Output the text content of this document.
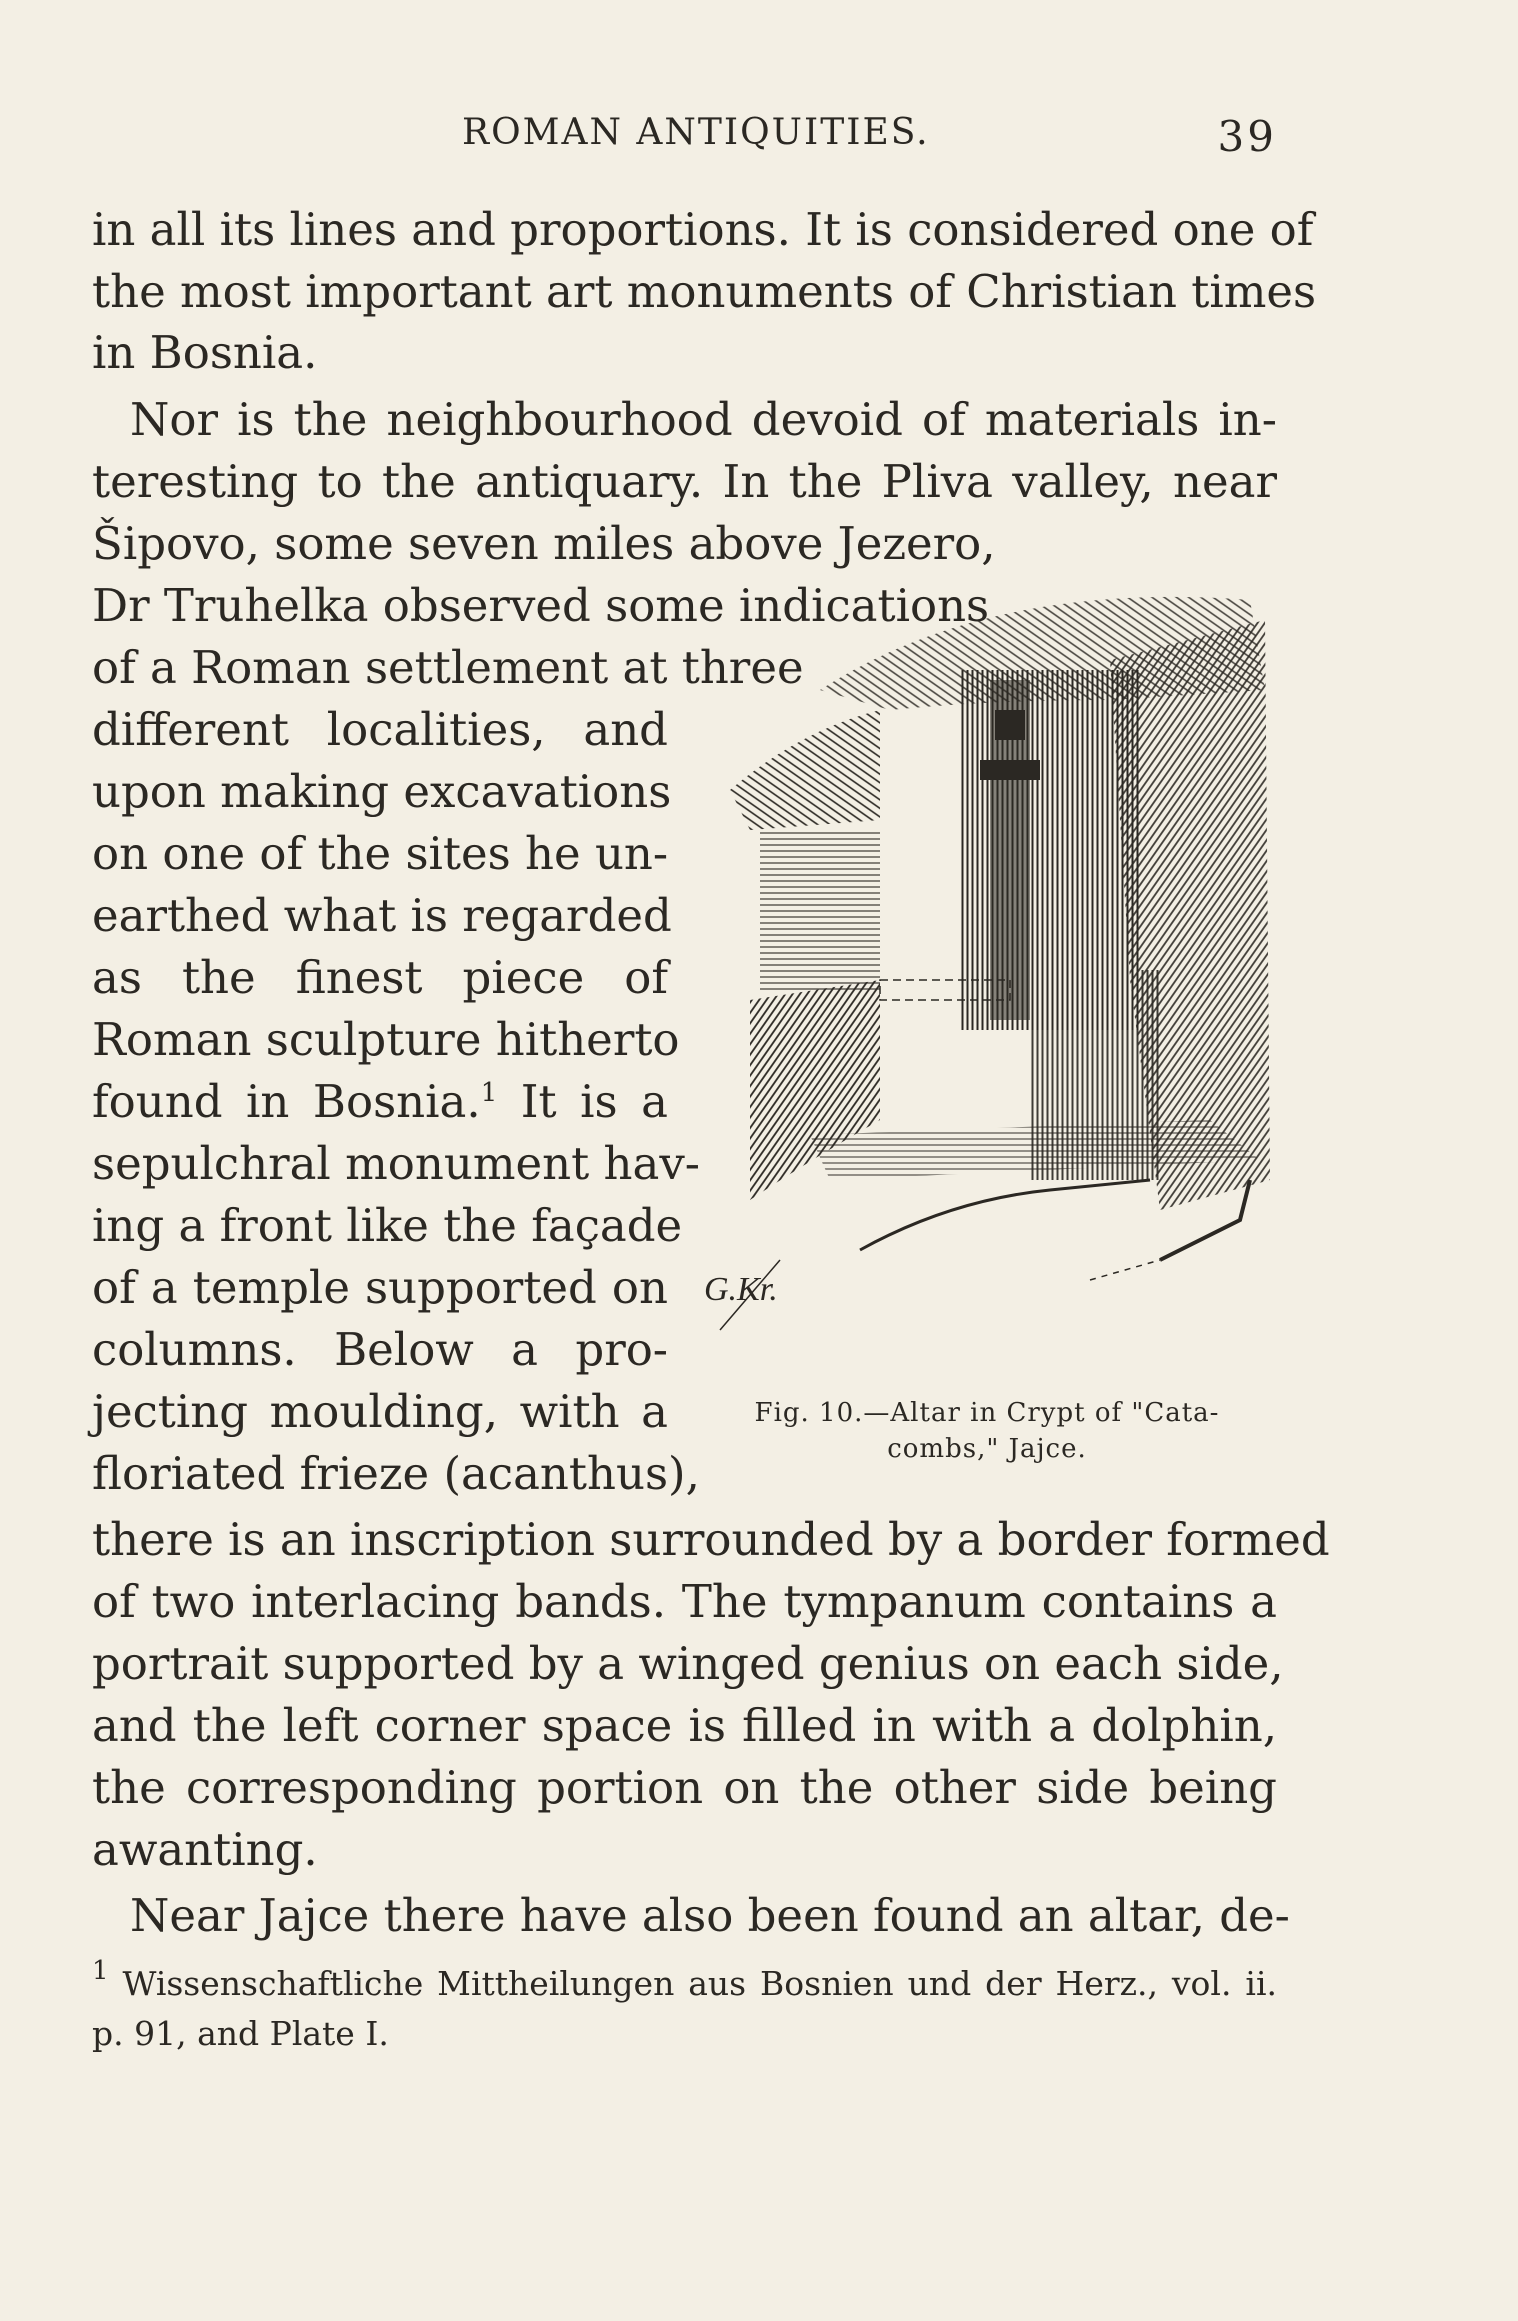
ROMAN ANTIQUITIES.	39
in all its lines and proportions. It is considered one of
the most important art monuments of Christian times
in Bosnia.
Nor is the neighbourhood devoid of materials in-
teresting to the antiquary. In the Pliva valley, near
Šipovo, some seven miles above Jezero,
Dr Truhelka observed some indications
of a Roman settlement at three
different localities, and
upon making excavations
on one of the sites he un-
earthed what is regarded
as the finest piece of
Roman sculpture hitherto
found in Bosnia.$^1$ It is a
sepulchral monument hav-
ing a front like the façade
of a temple supported on
columns. Below a pro-
jecting moulding, with a
floriated frieze (acanthus),
there is an inscription surrounded by a border formed
of two interlacing bands. The tympanum contains a
portrait supported by a winged genius on each side,
and the left corner space is filled in with a dolphin,
the corresponding portion on the other side being
awanting.
Near Jajce there have also been found an altar, de-
G.Kr.
Fig. 10.—Altar in Crypt of "Cata-
combs," Jajce.
$^1$ Wissenschaftliche Mittheilungen aus Bosnien und der Herz., vol. ii.
p. 91, and Plate I.
